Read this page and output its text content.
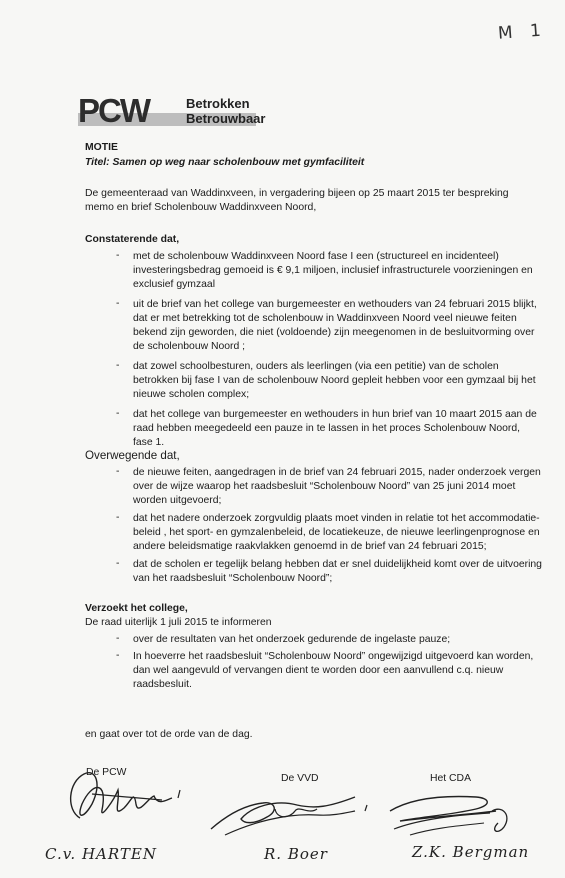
M 1
PCW	Betrokken
Betrouwbaar
MOTIE
Titel: Samen op weg naar scholenbouw met gymfaciliteit
De gemeenteraad van Waddinxveen, in vergadering bijeen op 25 maart 2015 ter bespreking
memo en brief Scholenbouw Waddinxveen Noord,
Constaterende dat,
- met de scholenbouw Waddinxveen Noord fase I een (structureel en incidenteel)
investeringsbedrag gemoeid is € 9,1 miljoen, inclusief infrastructurele voorzieningen en
exclusief gymzaal
- uit de brief van het college van burgemeester en wethouders van 24 februari 2015 blijkt,
dat er met betrekking tot de scholenbouw in Waddinxveen Noord veel nieuwe feiten
bekend zijn geworden, die niet (voldoende) zijn meegenomen in de besluitvorming over
de scholenbouw Noord ;
- dat zowel schoolbesturen, ouders als leerlingen (via een petitie) van de scholen
betrokken bij fase I van de scholenbouw Noord gepleit hebben voor een gymzaal bij het
nieuwe scholen complex;
- dat het college van burgemeester en wethouders in hun brief van 10 maart 2015 aan de
raad hebben meegedeeld een pauze in te lassen in het proces Scholenbouw Noord,
fase 1.
Overwegende dat,
- de nieuwe feiten, aangedragen in de brief van 24 februari 2015, nader onderzoek vergen
over de wijze waarop het raadsbesluit “Scholenbouw Noord” van 25 juni 2014 moet
worden uitgevoerd;
- dat het nadere onderzoek zorgvuldig plaats moet vinden in relatie tot het accommodatie-
beleid , het sport- en gymzalenbeleid, de locatiekeuze, de nieuwe leerlingenprognose en
andere beleidsmatige raakvlakken genoemd in de brief van 24 februari 2015;
- dat de scholen er tegelijk belang hebben dat er snel duidelijkheid komt over de uitvoering
van het raadsbesluit “Scholenbouw Noord”;
Verzoekt het college,
De raad uiterlijk 1 juli 2015 te informeren
- over de resultaten van het onderzoek gedurende de ingelaste pauze;
- In hoeverre het raadsbesluit “Scholenbouw Noord” ongewijzigd uitgevoerd kan worden,
dan wel aangevuld of vervangen dient te worden door een aanvullend c.q. nieuw
raadsbesluit.
en gaat over tot de orde van de dag.
De PCW
C.v. HARTEN
De VVD
R. Boer
Het CDA
Z.K. Bergman
